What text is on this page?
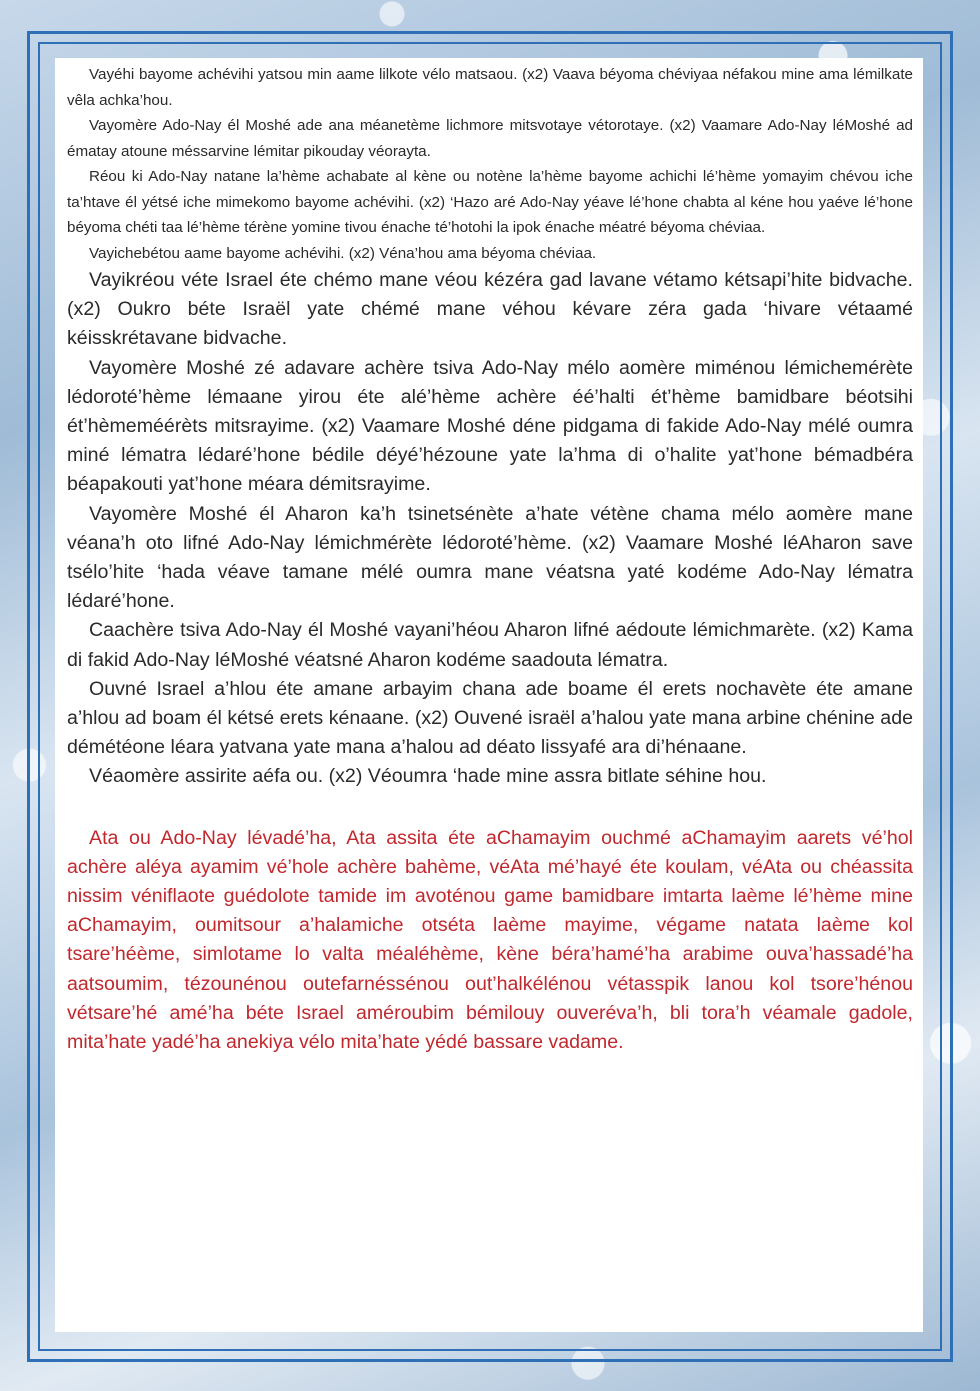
Vayéhi bayome achévihi yatsou min aame lilkote vélo matsaou. (x2) Vaava béyoma chéviyaa néfakou mine ama lémilkate vêla achka’hou.

Vayomère Ado-Nay él Moshé ade ana méanetème lichmore mitsvotaye vétorotaye. (x2) Vaamare Ado-Nay léMoshé ad ématay atoune méssarvine lémitar pikouday véorayta.

Réou ki Ado-Nay natane la’hème achabate al kène ou notène la’hème bayome achichi lé’hème yomayim chévou iche ta’htave él yétsé iche mimekomo bayome achévihi. (x2) ‘Hazo aré Ado-Nay yéave lé’hone chabta al kéne hou yaéve lé’hone béyoma chéti taa lé’hème térène yomine tivou énache té’hotohi la ipok énache méatré béyoma chéviaa.

Vayichebétou aame bayome achévihi. (x2) Véna’hou ama béyoma chéviaa.

Vayikréou véte Israel éte chémo mane véou kézéra gad lavane vétamo kétsapi’hite bidvache. (x2) Oukro béte Israël yate chémé mane véhou kévare zéra gada ‘hivare vétaamé kéisskrétavane bidvache.

Vayomère Moshé zé adavare achère tsiva Ado-Nay mélo aomère miménou lémichemérète lédoroté’hème lémaane yirou éte alé’hème achère éé’halti ét’hème bamidbare béotsihi ét’hèmeméérèts mitsrayime. (x2) Vaamare Moshé déne pidgama di fakide Ado-Nay mélé oumra miné lématra lédaré’hone bédile déyé’hézoune yate la’hma di o’halite yat’hone bémadbéra béapakouti yat’hone méara démitsrayime.

Vayomère Moshé él Aharon ka’h tsinetsénète a’hate vétène chama mélo aomère mane véana’h oto lifné Ado-Nay lémichmérète lédoroté’hème. (x2) Vaamare Moshé léAharon save tsélo’hite ‘hada véave tamane mélé oumra mane véatsna yaté kodéme Ado-Nay lématra lédaré’hone.

Caachère tsiva Ado-Nay él Moshé vayani’héou Aharon lifné aédoute lémichmarète. (x2) Kama di fakid Ado-Nay léMoshé véatsné Aharon kodéme saadouta lématra.

Ouvné Israel a’hlou éte amane arbayim chana ade boame él erets nochavète éte amane a’hlou ad boam él kétsé erets kénaane. (x2) Ouvené israël a’halou yate mana arbine chénine ade démétéone léara yatvana yate mana a’halou ad déato lissyafé ara di’hénaane.

Véaomère assirite aéfa ou. (x2) Véoumra ‘hade mine assra bitlate séhine hou.

Ata ou Ado-Nay lévadé’ha, Ata assita éte aChamayim ouchmé aChamayim aarets vé’hol achère aléya ayamim vé’hole achère bahème, véAta mé’hayé éte koulam, véAta ou chéassita nissim véniflaote guédolote tamide im avoténou game bamidbare imtarta laème lé’hème mine aChamayim, oumitsour a’halamiche otséta laème mayime, végame natata laème kol tsare’héème, simlotame lo valta méaléhème, kène béra’hamé’ha arabime ouva’hassadé’ha aatsoumim, tézounénou outefarnéssénou out’halkélénou vétasspik lanou kol tsore’hénou vétsare’hé amé’ha béte Israel améroubim bémilouy ouveréva’h, bli tora’h véamale gadole, mita’hate yadé’ha anekiya vélo mita’hate yédé bassare vadame.
